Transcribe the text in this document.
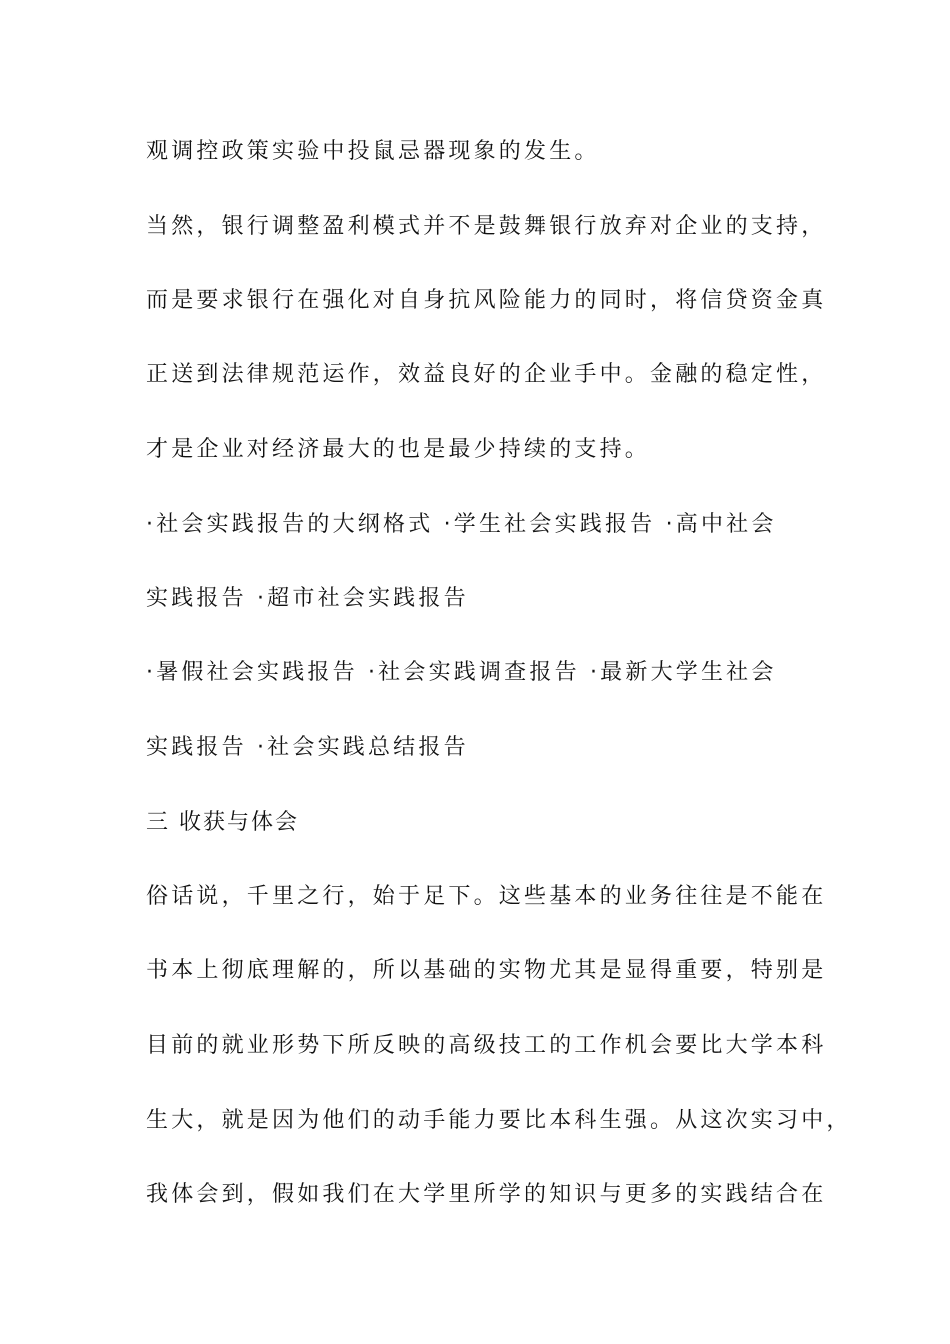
观调控政策实验中投鼠忌器现象的发生。
当然，银行调整盈利模式并不是鼓舞银行放弃对企业的支持，
而是要求银行在强化对自身抗风险能力的同时，将信贷资金真
正送到法律规范运作，效益良好的企业手中。金融的稳定性，
才是企业对经济最大的也是最少持续的支持。
·社会实践报告的大纲格式 ·学生社会实践报告 ·高中社会
实践报告 ·超市社会实践报告
·暑假社会实践报告 ·社会实践调查报告 ·最新大学生社会
实践报告 ·社会实践总结报告
三 收获与体会
俗话说，千里之行，始于足下。这些基本的业务往往是不能在
书本上彻底理解的，所以基础的实物尤其是显得重要，特别是
目前的就业形势下所反映的高级技工的工作机会要比大学本科
生大，就是因为他们的动手能力要比本科生强。从这次实习中，
我体会到，假如我们在大学里所学的知识与更多的实践结合在
